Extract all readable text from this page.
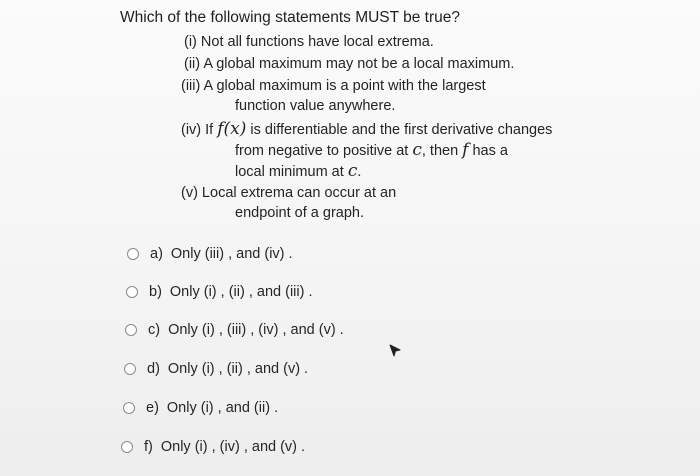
Which of the following statements MUST be true?
(i) Not all functions have local extrema.
(ii) A global maximum may not be a local maximum.
(iii) A global maximum is a point with the largest
function value anywhere.
(iv) If f(x) is differentiable and the first derivative changes
from negative to positive at c, then f has a
local minimum at c.
(v) Local extrema can occur at an
endpoint of a graph.
a) Only (iii) , and (iv) .
b) Only (i) , (ii) , and (iii) .
c) Only (i) , (iii) , (iv) , and (v) .
d) Only (i) , (ii) , and (v) .
e) Only (i) , and (ii) .
f) Only (i) , (iv) , and (v) .
